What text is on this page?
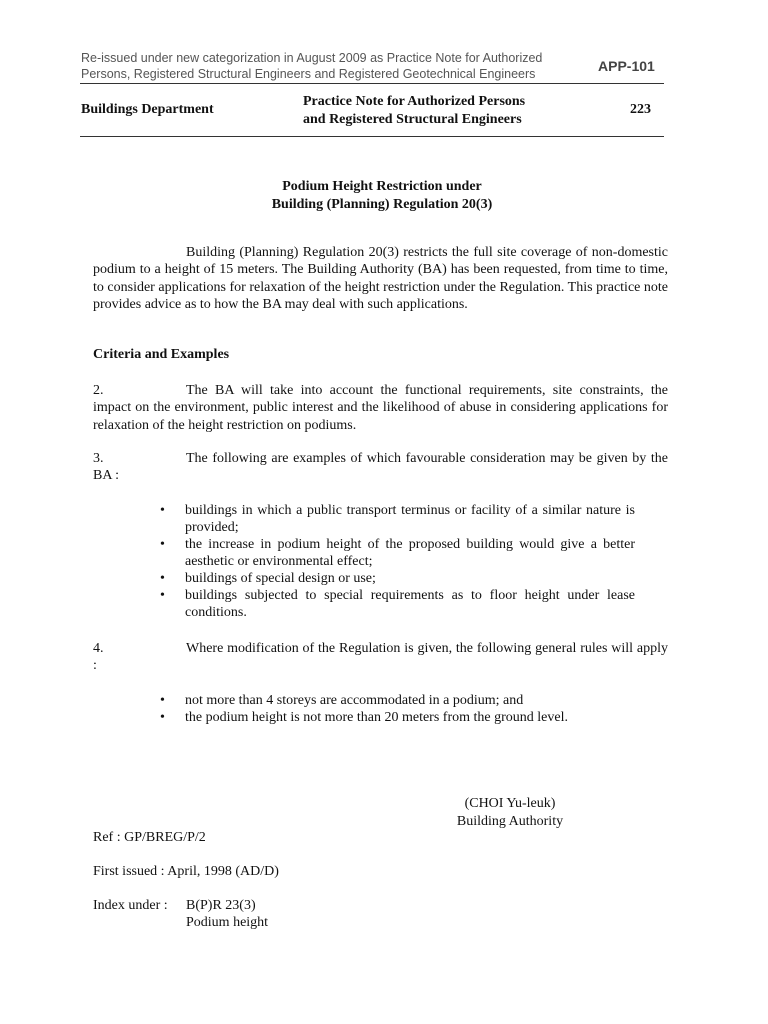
Re-issued under new categorization in August 2009 as Practice Note for Authorized
Persons, Registered Structural Engineers and Registered Geotechnical Engineers	APP-101
Buildings Department
Practice Note for Authorized Persons
and Registered Structural Engineers
223
Podium Height Restriction under
Building (Planning) Regulation 20(3)
Building (Planning) Regulation 20(3) restricts the full site coverage of non-domestic podium to a height of 15 meters. The Building Authority (BA) has been requested, from time to time, to consider applications for relaxation of the height restriction under the Regulation. This practice note provides advice as to how the BA may deal with such applications.
Criteria and Examples
2.	The BA will take into account the functional requirements, site constraints, the impact on the environment, public interest and the likelihood of abuse in considering applications for relaxation of the height restriction on podiums.
3.	The following are examples of which favourable consideration may be given by the BA :
• buildings in which a public transport terminus or facility of a similar nature is provided;
• the increase in podium height of the proposed building would give a better aesthetic or environmental effect;
• buildings of special design or use;
• buildings subjected to special requirements as to floor height under lease conditions.
4.	Where modification of the Regulation is given, the following general rules will apply :
• not more than 4 storeys are accommodated in a podium; and
• the podium height is not more than 20 meters from the ground level.
(CHOI Yu-leuk)
Building Authority
Ref : GP/BREG/P/2
First issued : April, 1998 (AD/D)
Index under :	B(P)R 23(3)
Podium height
